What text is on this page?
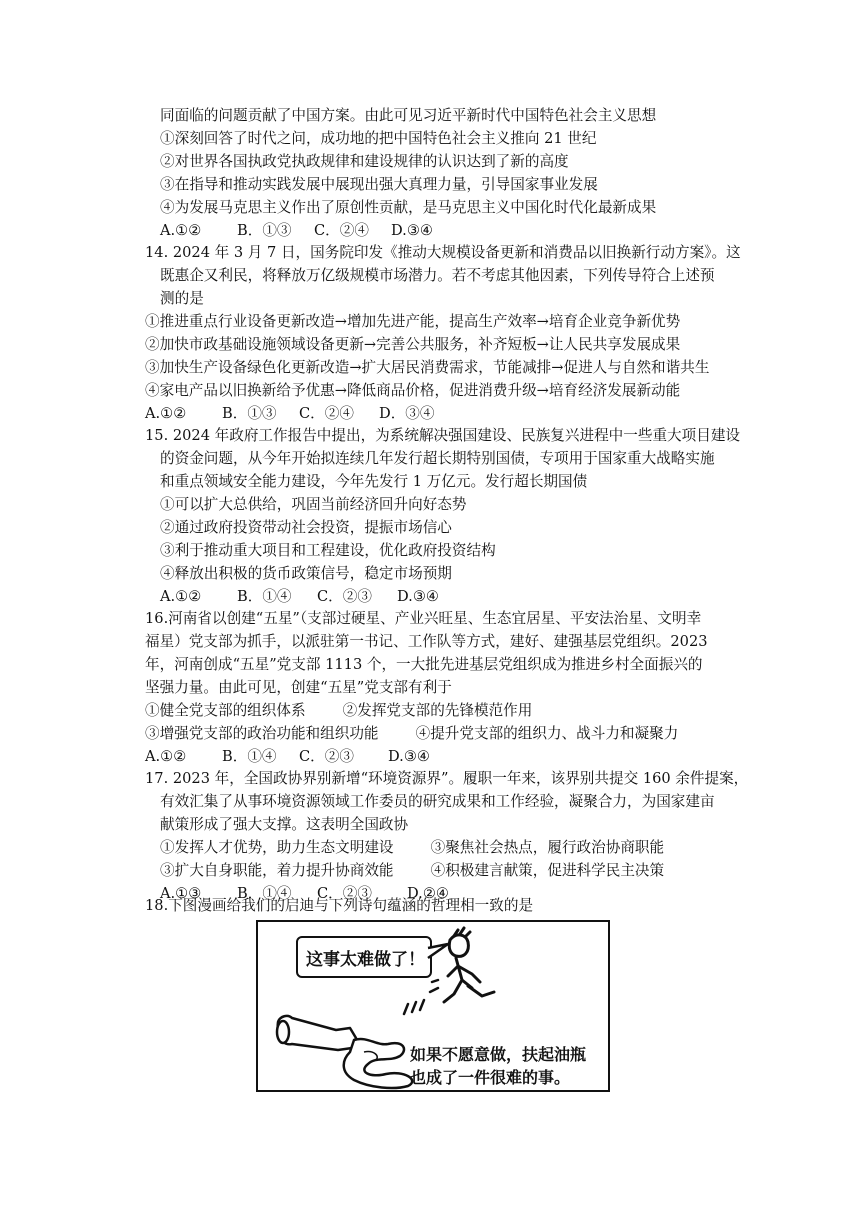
同面临的问题贡献了中国方案。由此可见习近平新时代中国特色社会主义思想
①深刻回答了时代之问，成功地的把中国特色社会主义推向 21 世纪
②对世界各国执政党执政规律和建设规律的认识达到了新的高度
③在指导和推动实践发展中展现出强大真理力量，引导国家事业发展
④为发展马克思主义作出了原创性贡献，是马克思主义中国化时代化最新成果
A.①② B．①③ C．②④ D.③④
14. 2024 年 3 月 7 日，国务院印发《推动大规模设备更新和消费品以旧换新行动方案》。这
既惠企又利民，将释放万亿级规模市场潜力。若不考虑其他因素，下列传导符合上述预
测的是
①推进重点行业设备更新改造→增加先进产能，提高生产效率→培育企业竞争新优势
②加快市政基础设施领域设备更新→完善公共服务，补齐短板→让人民共享发展成果
③加快生产设备绿色化更新改造→扩大居民消费需求，节能减排→促进人与自然和谐共生
④家电产品以旧换新给予优惠→降低商品价格，促进消费升级→培育经济发展新动能
A.①② B．①③ C．②④ D．③④
15. 2024 年政府工作报告中提出，为系统解决强国建设、民族复兴进程中一些重大项目建设
的资金问题，从今年开始拟连续几年发行超长期特别国债，专项用于国家重大战略实施
和重点领域安全能力建设，今年先发行 1 万亿元。发行超长期国债
①可以扩大总供给，巩固当前经济回升向好态势
②通过政府投资带动社会投资，提振市场信心
③利于推动重大项目和工程建设，优化政府投资结构
④释放出积极的货币政策信号，稳定市场预期
A.①② B．①④ C．②③ D.③④
16.河南省以创建“五星”（支部过硬星、产业兴旺星、生态宜居星、平安法治星、文明幸
福星）党支部为抓手，以派驻第一书记、工作队等方式，建好、建强基层党组织。2023
年，河南创成“五星”党支部 1113 个，一大批先进基层党组织成为推进乡村全面振兴的
坚强力量。由此可见，创建“五星”党支部有利于
①健全党支部的组织体系        ②发挥党支部的先锋模范作用
③增强党支部的政治功能和组织功能        ④提升党支部的组织力、战斗力和凝聚力
A.①② B．①④ C．②③ D.③④
17. 2023 年，全国政协界别新增“环境资源界”。履职一年来，该界别共提交 160 余件提案，
有效汇集了从事环境资源领域工作委员的研究成果和工作经验，凝聚合力，为国家建亩
献策形成了强大支撑。这表明全国政协
①发挥人才优势，助力生态文明建设        ③聚焦社会热点，履行政治协商职能
③扩大自身职能，着力提升协商效能        ④积极建言献策，促进科学民主决策
A.①③ B．①④ C．②③ D.②④
18.下图漫画给我们的启迪与下列诗句蕴涵的哲理相一致的是
这事太难做了！
如果不愿意做，扶起油瓶
也成了一件很难的事。
